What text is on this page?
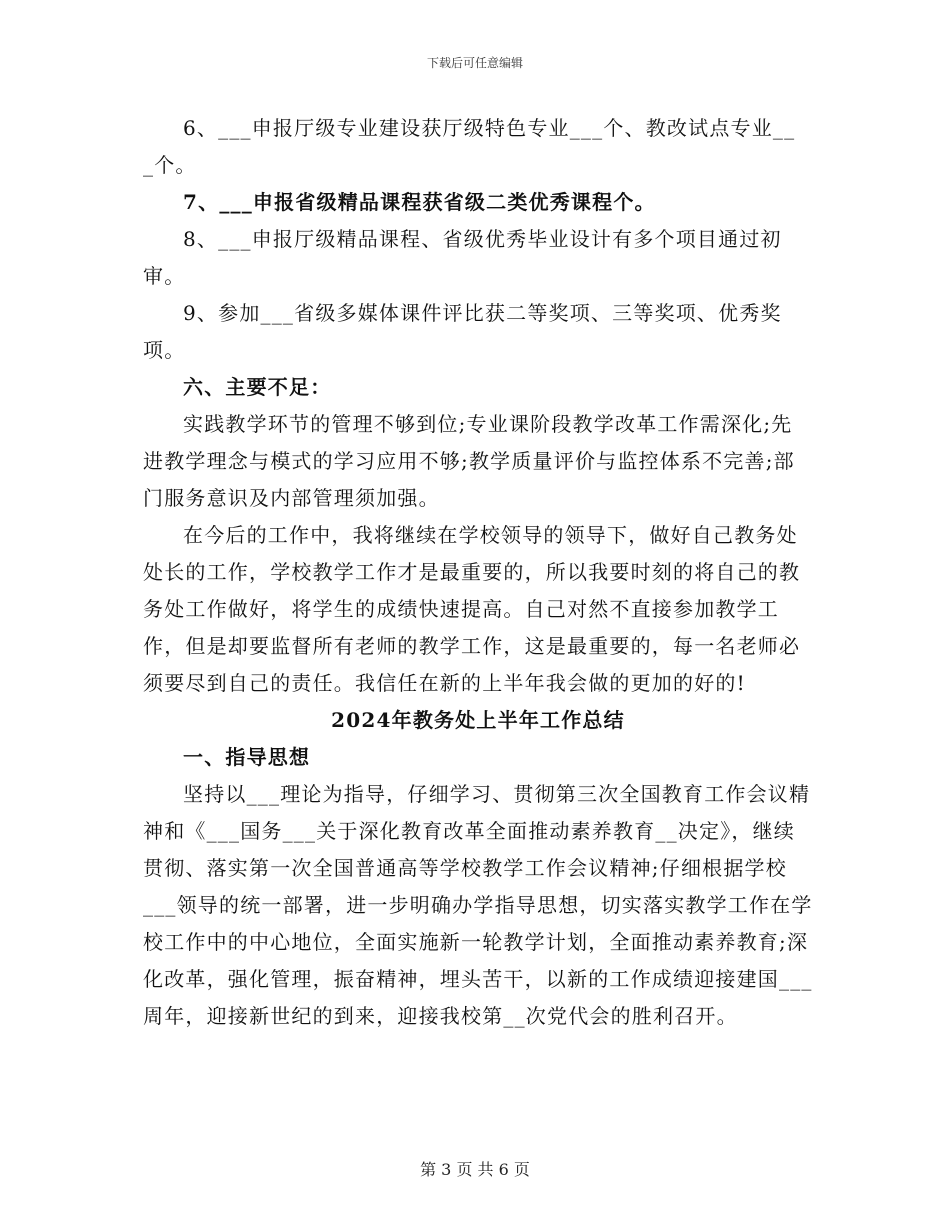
下载后可任意编辑

6、___申报厅级专业建设获厅级特色专业___个、教改试点专业__ _个。

7、___申报省级精品课程获省级二类优秀课程个。

8、___申报厅级精品课程、省级优秀毕业设计有多个项目通过初审。

9、参加___省级多媒体课件评比获二等奖项、三等奖项、优秀奖项。

六、主要不足：

实践教学环节的管理不够到位;专业课阶段教学改革工作需深化;先进教学理念与模式的学习应用不够;教学质量评价与监控体系不完善;部门服务意识及内部管理须加强。

在今后的工作中，我将继续在学校领导的领导下，做好自己教务处处长的工作，学校教学工作才是最重要的，所以我要时刻的将自己的教务处工作做好，将学生的成绩快速提高。自己对然不直接参加教学工作，但是却要监督所有老师的教学工作，这是最重要的，每一名老师必须要尽到自己的责任。我信任在新的上半年我会做的更加的好的!

2024年教务处上半年工作总结

一、指导思想

坚持以___理论为指导，仔细学习、贯彻第三次全国教育工作会议精神和《___国务___关于深化教育改革全面推动素养教育__决定》，继续贯彻、落实第一次全国普通高等学校教学工作会议精神;仔细根据学校___领导的统一部署，进一步明确办学指导思想，切实落实教学工作在学校工作中的中心地位，全面实施新一轮教学计划，全面推动素养教育;深化改革，强化管理，振奋精神，埋头苦干，以新的工作成绩迎接建国___周年，迎接新世纪的到来，迎接我校第__次党代会的胜利召开。

第 3 页 共 6 页
